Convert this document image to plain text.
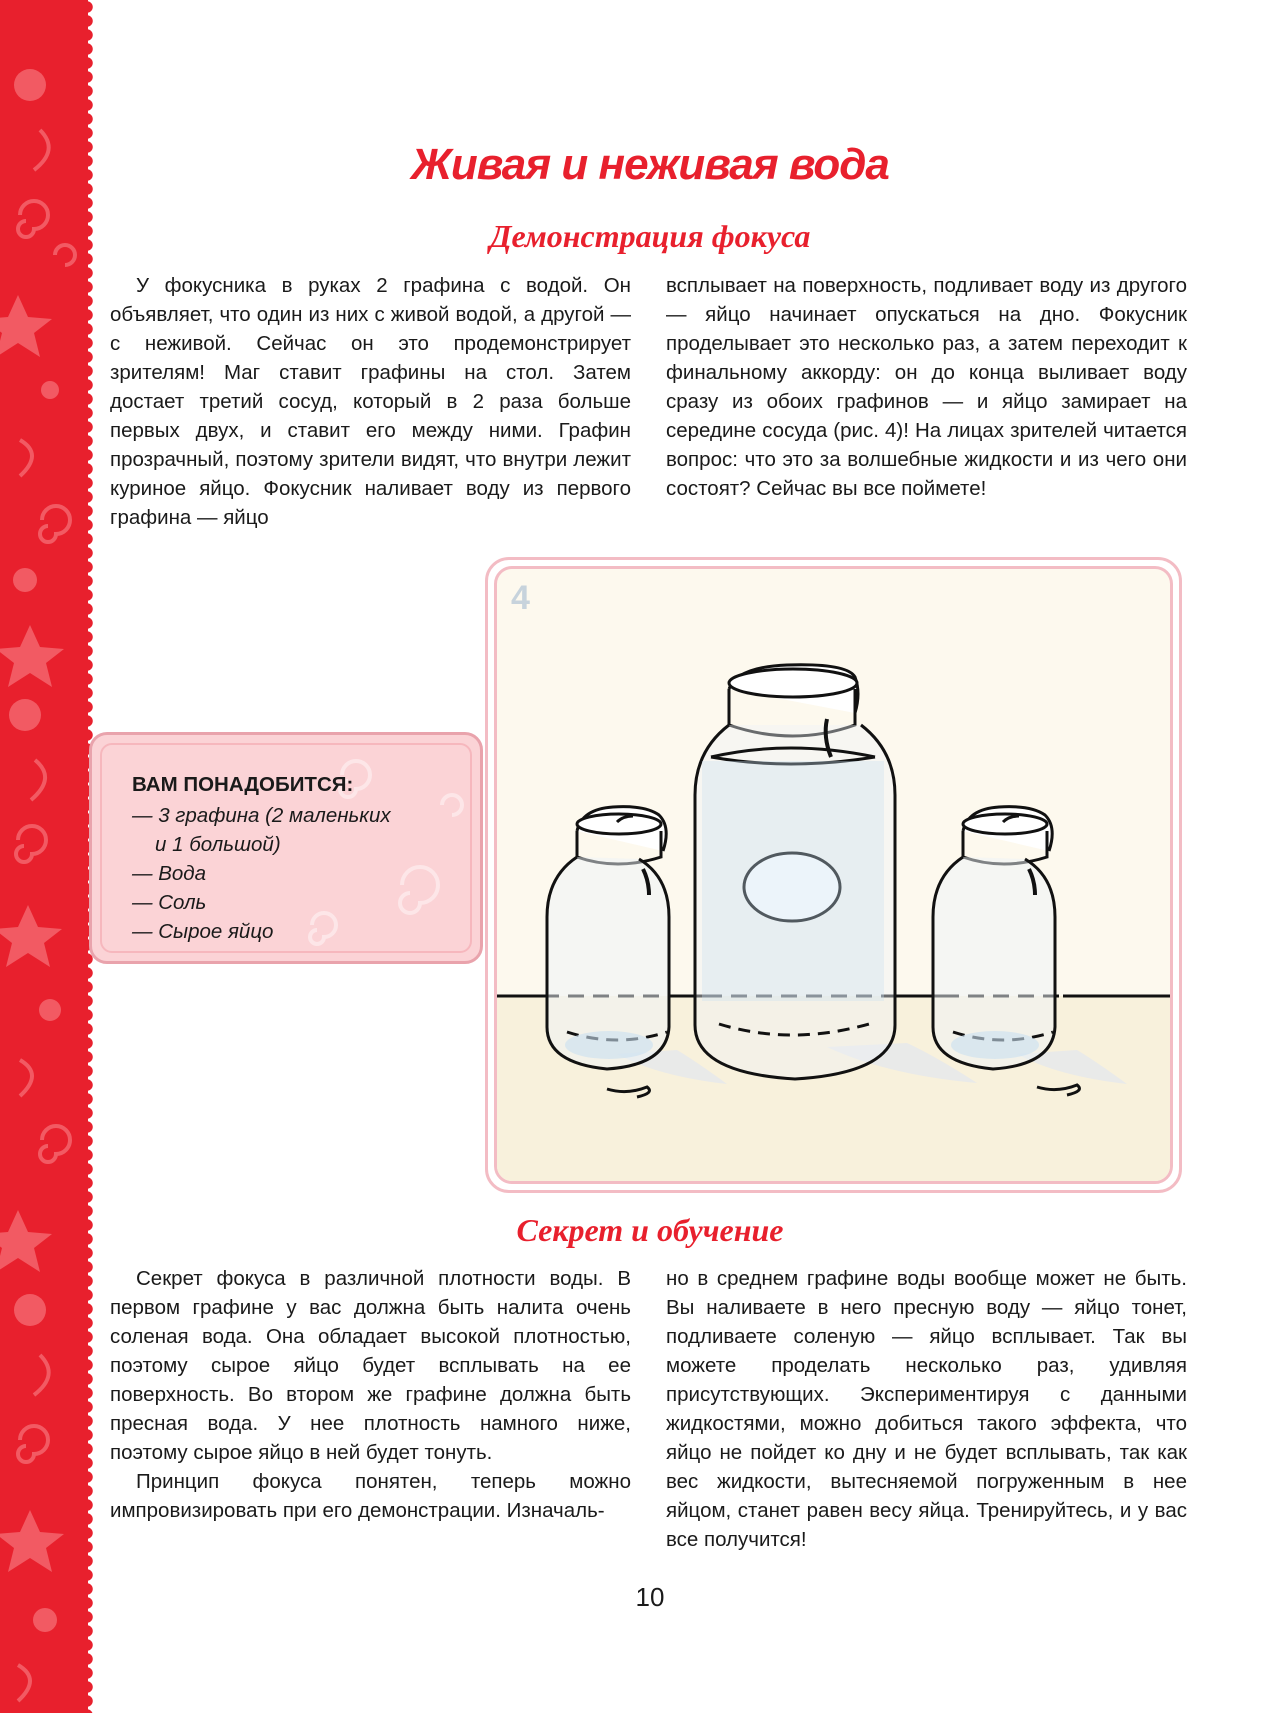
Живая и неживая вода
Демонстрация фокуса

У фокусника в руках 2 графина с водой. Он объявляет, что один из них с живой водой, а другой — с неживой. Сейчас он это продемонстрирует зрителям! Маг ставит графины на стол. Затем достает третий сосуд, который в 2 раза больше первых двух, и ставит его между ними. Графин прозрачный, поэтому зрители видят, что внутри лежит куриное яйцо. Фокусник наливает воду из первого графина — яйцо

всплывает на поверхность, подливает воду из другого — яйцо начинает опускаться на дно. Фокусник проделывает это несколько раз, а затем переходит к финальному аккорду: он до конца выливает воду сразу из обоих графинов — и яйцо замирает на середине сосуда (рис. 4)! На лицах зрителей читается вопрос: что это за волшебные жидкости и из чего они состоят? Сейчас вы все поймете!

4

ВАМ ПОНАДОБИТСЯ:

— 3 графина (2 маленьких
и 1 большой)
— Вода
— Соль
— Сырое яйцо
Секрет и обучение

Секрет фокуса в различной плотности воды. В первом графине у вас должна быть налита очень соленая вода. Она обладает высокой плотностью, поэтому сырое яйцо будет всплывать на ее поверхность. Во втором же графине должна быть пресная вода. У нее плотность намного ниже, поэтому сырое яйцо в ней будет тонуть.

Принцип фокуса понятен, теперь можно импровизировать при его демонстрации. Изначаль-

но в среднем графине воды вообще может не быть. Вы наливаете в него пресную воду — яйцо тонет, подливаете соленую — яйцо всплывает. Так вы можете проделать несколько раз, удивляя присутствующих. Экспериментируя с данными жидкостями, можно добиться такого эффекта, что яйцо не пойдет ко дну и не будет всплывать, так как вес жидкости, вытесняемой погруженным в нее яйцом, станет равен весу яйца. Тренируйтесь, и у вас все получится!

10
